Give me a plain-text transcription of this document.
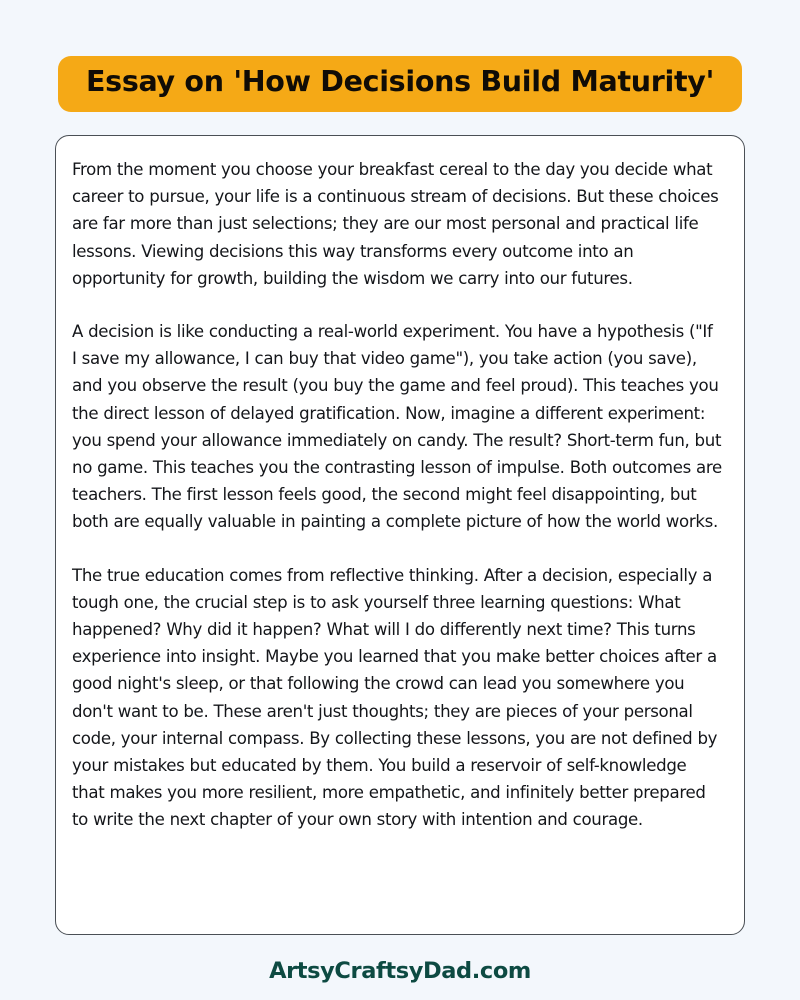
Essay on 'How Decisions Build Maturity'

From the moment you choose your breakfast cereal to the day you decide what career to pursue, your life is a continuous stream of decisions. But these choices are far more than just selections; they are our most personal and practical life lessons. Viewing decisions this way transforms every outcome into an opportunity for growth, building the wisdom we carry into our futures.

A decision is like conducting a real-world experiment. You have a hypothesis ("If I save my allowance, I can buy that video game"), you take action (you save), and you observe the result (you buy the game and feel proud). This teaches you the direct lesson of delayed gratification. Now, imagine a different experiment: you spend your allowance immediately on candy. The result? Short-term fun, but no game. This teaches you the contrasting lesson of impulse. Both outcomes are teachers. The first lesson feels good, the second might feel disappointing, but both are equally valuable in painting a complete picture of how the world works.

The true education comes from reflective thinking. After a decision, especially a tough one, the crucial step is to ask yourself three learning questions: What happened? Why did it happen? What will I do differently next time? This turns experience into insight. Maybe you learned that you make better choices after a good night's sleep, or that following the crowd can lead you somewhere you don't want to be. These aren't just thoughts; they are pieces of your personal code, your internal compass. By collecting these lessons, you are not defined by your mistakes but educated by them. You build a reservoir of self-knowledge that makes you more resilient, more empathetic, and infinitely better prepared to write the next chapter of your own story with intention and courage.

ArtsyCraftsyDad.com
